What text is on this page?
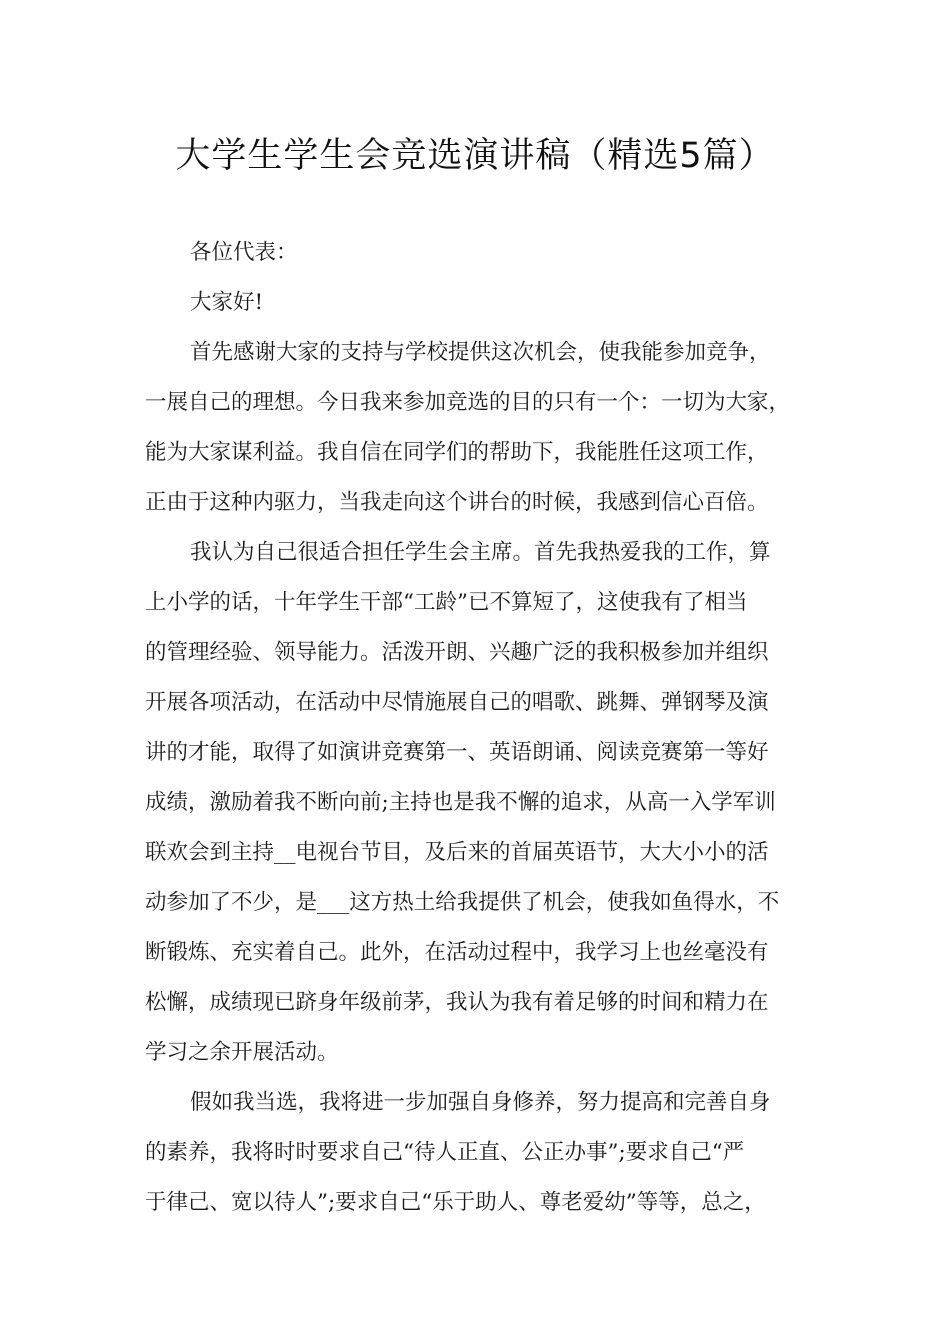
大学生学生会竞选演讲稿（精选5篇）
各位代表：
大家好!
首先感谢大家的支持与学校提供这次机会，使我能参加竞争，
一展自己的理想。今日我来参加竞选的目的只有一个：一切为大家，
能为大家谋利益。我自信在同学们的帮助下，我能胜任这项工作，
正由于这种内驱力，当我走向这个讲台的时候，我感到信心百倍。
我认为自己很适合担任学生会主席。首先我热爱我的工作，算
上小学的话，十年学生干部“工龄”已不算短了，这使我有了相当
的管理经验、领导能力。活泼开朗、兴趣广泛的我积极参加并组织
开展各项活动，在活动中尽情施展自己的唱歌、跳舞、弹钢琴及演
讲的才能，取得了如演讲竞赛第一、英语朗诵、阅读竞赛第一等好
成绩，激励着我不断向前;主持也是我不懈的追求，从高一入学军训
联欢会到主持__电视台节目，及后来的首届英语节，大大小小的活
动参加了不少，是___这方热土给我提供了机会，使我如鱼得水，不
断锻炼、充实着自己。此外，在活动过程中，我学习上也丝毫没有
松懈，成绩现已跻身年级前茅，我认为我有着足够的时间和精力在
学习之余开展活动。
假如我当选，我将进一步加强自身修养，努力提高和完善自身
的素养，我将时时要求自己“待人正直、公正办事”;要求自己“严
于律己、宽以待人”;要求自己“乐于助人、尊老爱幼”等等，总之，
